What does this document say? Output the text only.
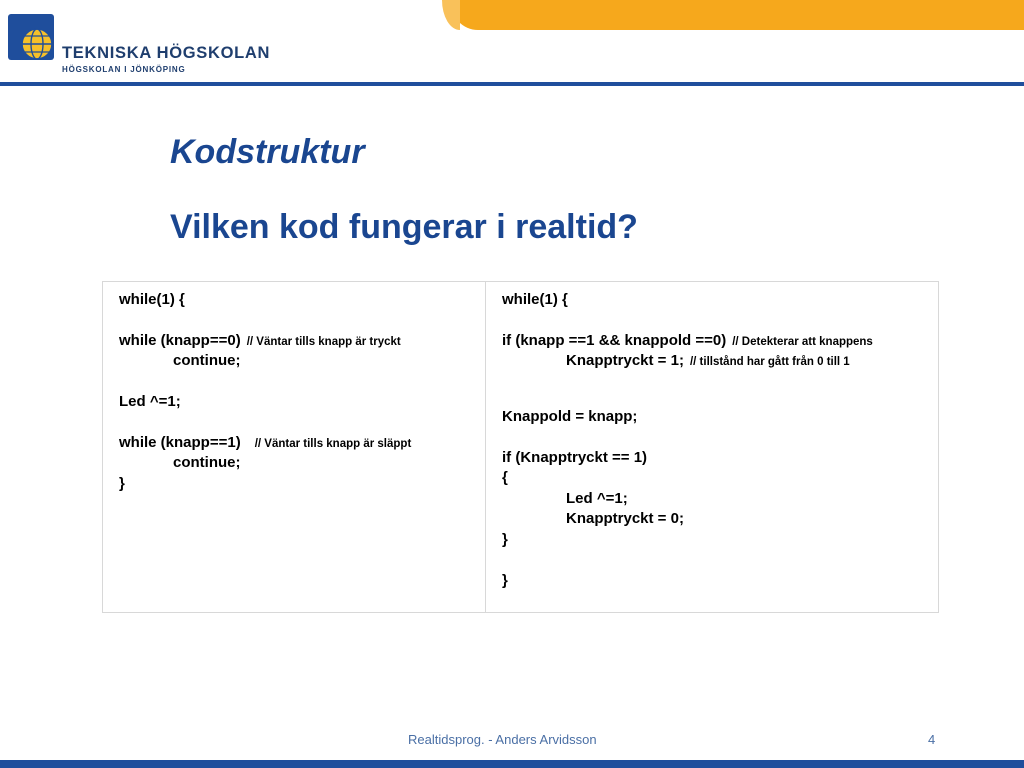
TEKNISKA HÖGSKOLAN
HÖGSKOLAN I JÖNKÖPING
Kodstruktur
Vilken kod fungerar i realtid?
while(1) {
while (knapp==0) // Väntar tills knapp är tryckt
continue;
Led ^=1;
while (knapp==1) // Väntar tills knapp är släppt
continue;
}
while(1) {
if (knapp ==1 && knappold ==0) // Detekterar att knappens
Knapptryckt = 1; // tillstånd har gått från 0 till 1
Knappold = knapp;
if (Knapptryckt == 1)
{
Led ^=1;
Knapptryckt = 0;
}
}
Realtidsprog. - Anders Arvidsson	4
